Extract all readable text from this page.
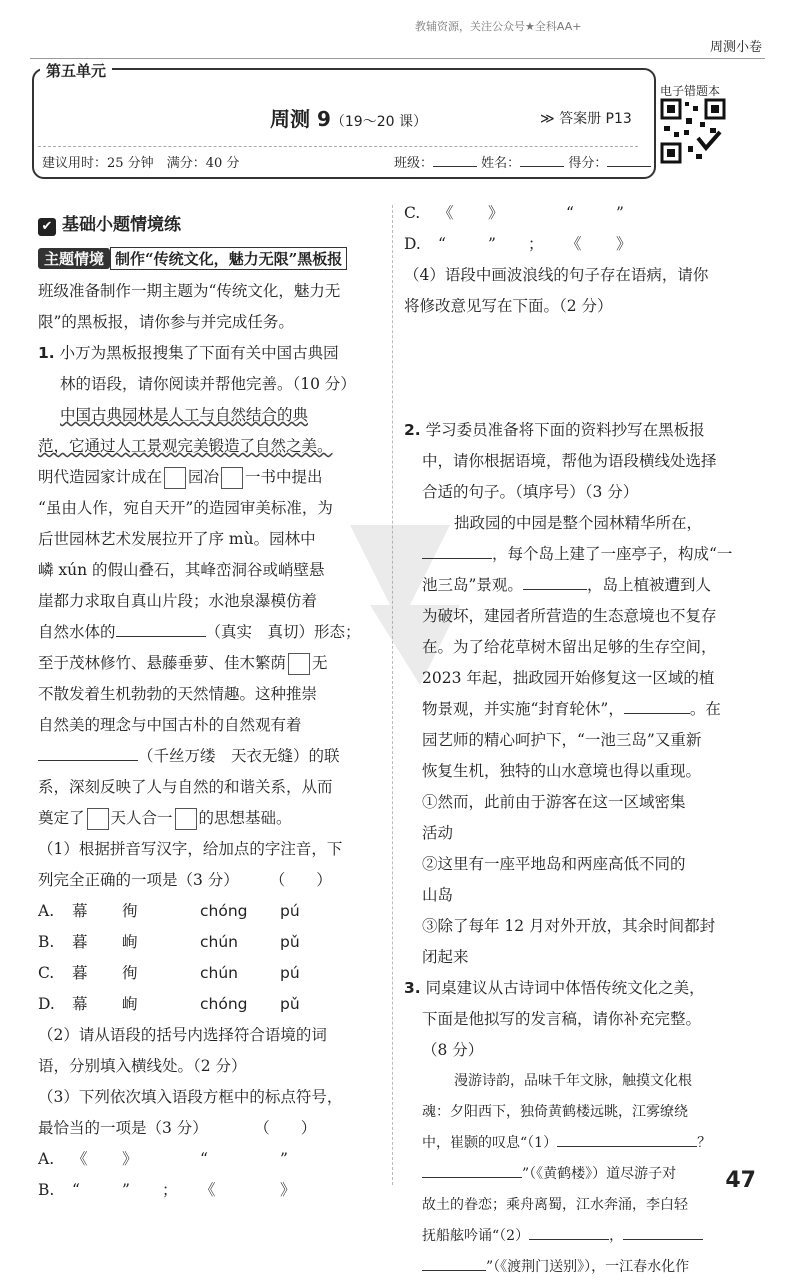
教辅资源，关注公众号★全科AA+
周测小卷
第五单元
周测 9（19～20 课）	≫ 答案册 P13
建议用时：25 分钟　 满分：40 分	班级：	姓名：	得分：
电子错题本
✔ 基础小题情境练
主题情境 制作“传统文化，魅力无限”黑板报
班级准备制作一期主题为“传统文化，魅力无
限”的黑板报，请你参与并完成任务。
1. 小万为黑板报搜集了下面有关中国古典园
林的语段，请你阅读并帮他完善。（10 分）
中国古典园林是人工与自然结合的典
范，它通过人工景观完美锻造了自然之美。
明代造园家计成在 园冶 一书中提出
“虽由人作，宛自天开”的造园审美标准，为
后世园林艺术发展拉开了序 mù。园林中
嶙 xún 的假山叠石，其峰峦洞谷或峭壁悬
崖都力求取自真山片段；水池泉瀑模仿着
自然水体的	（真实　真切）形态；
至于茂林修竹、悬藤垂萝、佳木繁荫 无
不散发着生机勃勃的天然情趣。这种推崇
自然美的理念与中国古朴的自然观有着
（千丝万缕　天衣无缝）的联
系，深刻反映了人与自然的和谐关系，从而
奠定了 天人合一 的思想基础。
（1）根据拼音写汉字，给加点的字注音，下
列完全正确的一项是（3 分）　　　（　　）
A. 幕 徇	chóng pú
B. 暮 峋	chún	pǔ
C. 暮 徇	chún	pú
D. 幕 峋	chóng pǔ
（2）请从语段的括号内选择符合语境的词
语，分别填入横线处。（2 分）
（3）下列依次填入语段方框中的标点符号，
最恰当的一项是（3 分）　　　　（　　）
A. 《 》	“	”
B. “	” ； 《	》
C. 《 》	“	”
D. “	” ； 《 》
（4）语段中画波浪线的句子存在语病，请你
将修改意见写在下面。（2 分）
2. 学习委员准备将下面的资料抄写在黑板报
中，请你根据语境，帮他为语段横线处选择
合适的句子。（填序号）（3 分）
拙政园的中园是整个园林精华所在，
，每个岛上建了一座亭子，构成“一
池三岛”景观。	，岛上植被遭到人
为破坏，建园者所营造的生态意境也不复存
在。为了给花草树木留出足够的生存空间，
2023 年起，拙政园开始修复这一区域的植
物景观，并实施“封育轮休”，	。在
园艺师的精心呵护下，“一池三岛”又重新
恢复生机，独特的山水意境也得以重现。
①然而，此前由于游客在这一区域密集
活动
②这里有一座平地岛和两座高低不同的
山岛
③除了每年 12 月对外开放，其余时间都封
闭起来
3. 同桌建议从古诗词中体悟传统文化之美，
下面是他拟写的发言稿，请你补充完整。
（8 分）
漫游诗韵，品味千年文脉，触摸文化根
魂：夕阳西下，独倚黄鹤楼远眺，江雾缭绕
中，崔颢的叹息“（1）	？
”（《黄鹤楼》）道尽游子对
故土的眷恋；乘舟离蜀，江水奔涌，李白轻
抚船舷吟诵“（2）	，
”（《渡荆门送别》），一江春水化作
47
